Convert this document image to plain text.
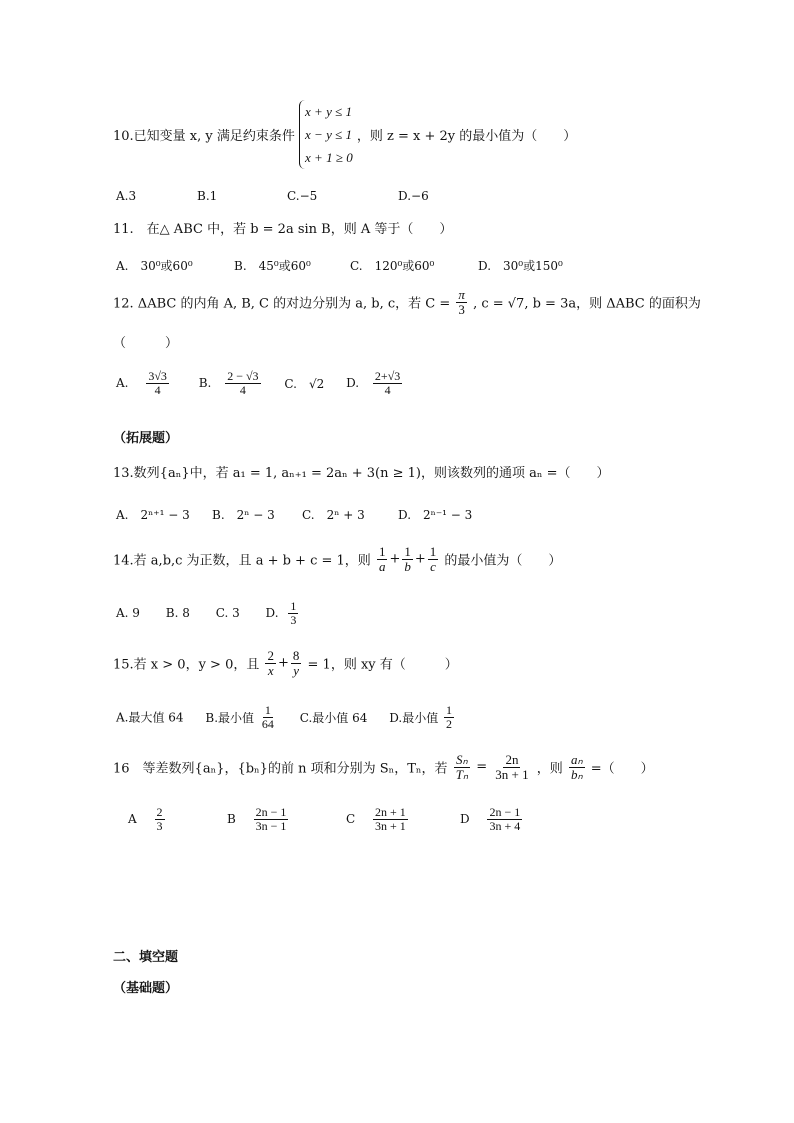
10.已知变量 x, y 满足约束条件
x + y ≤ 1
x − y ≤ 1
x + 1 ≥ 0
，则 z = x + 2y 的最小值为（　　）
A.3	B.1	C.−5	D.−6
11.　在△ ABC 中，若 b = 2a sin B，则 A 等于（　　）
A.　30⁰或60⁰	B.　45⁰或60⁰	C.　120⁰或60⁰	D.　30⁰或150⁰
12. ΔABC 的内角 A, B, C 的对边分别为 a, b, c，若 $C = \frac{\pi}{3}$ , c = √7, b = 3a，则 ΔABC 的面积为
（　　　）
A. $\frac{3√3}{4} B$. $\frac{2 - √3}{4} C$.　√2 D. $\frac{2+√3}{4}$
（拓展题）
13.数列{aₙ}中，若 a₁ = 1, aₙ₊₁ = 2aₙ + 3(n ≥ 1)，则该数列的通项 aₙ =（　　）
A.　2ⁿ⁺¹ − 3 B.　2ⁿ − 3 C.　2ⁿ + 3	D.　2ⁿ⁻¹ − 3
14.若 a,b,c 为正数，且 a + b + c = 1，则 $\frac{1}{a} + \frac{1}{b} + \frac{1}{c}$ 的最小值为（　　）
A. 9 B. 8 C. 3 D. $\frac{1}{3}$
15.若 x > 0，y > 0，且 $\frac{2}{x} + \frac{8}{y} = 1$，则 xy 有（　　　）
A.最大值 64 B.最小值 $\frac{1}{64} C$.最小值 64 D.最小值 $\frac{1}{2}$
16　等差数列{aₙ}，{bₙ}的前 n 项和分别为 Sₙ，Tₙ，若 $\frac{\text{Sₙ}}{\text{Tₙ}} = \frac{2n}{3n + 1}$ ，则 $\frac{\text{aₙ}}{\text{bₙ}}$ =（　　）
A $\frac{2}{3}$	B $\frac{2n - 1}{3n - 1}$	C $\frac{2n + 1}{3n + 1}$	D $\frac{2n - 1}{3n + 4}$
二、填空题
（基础题）
